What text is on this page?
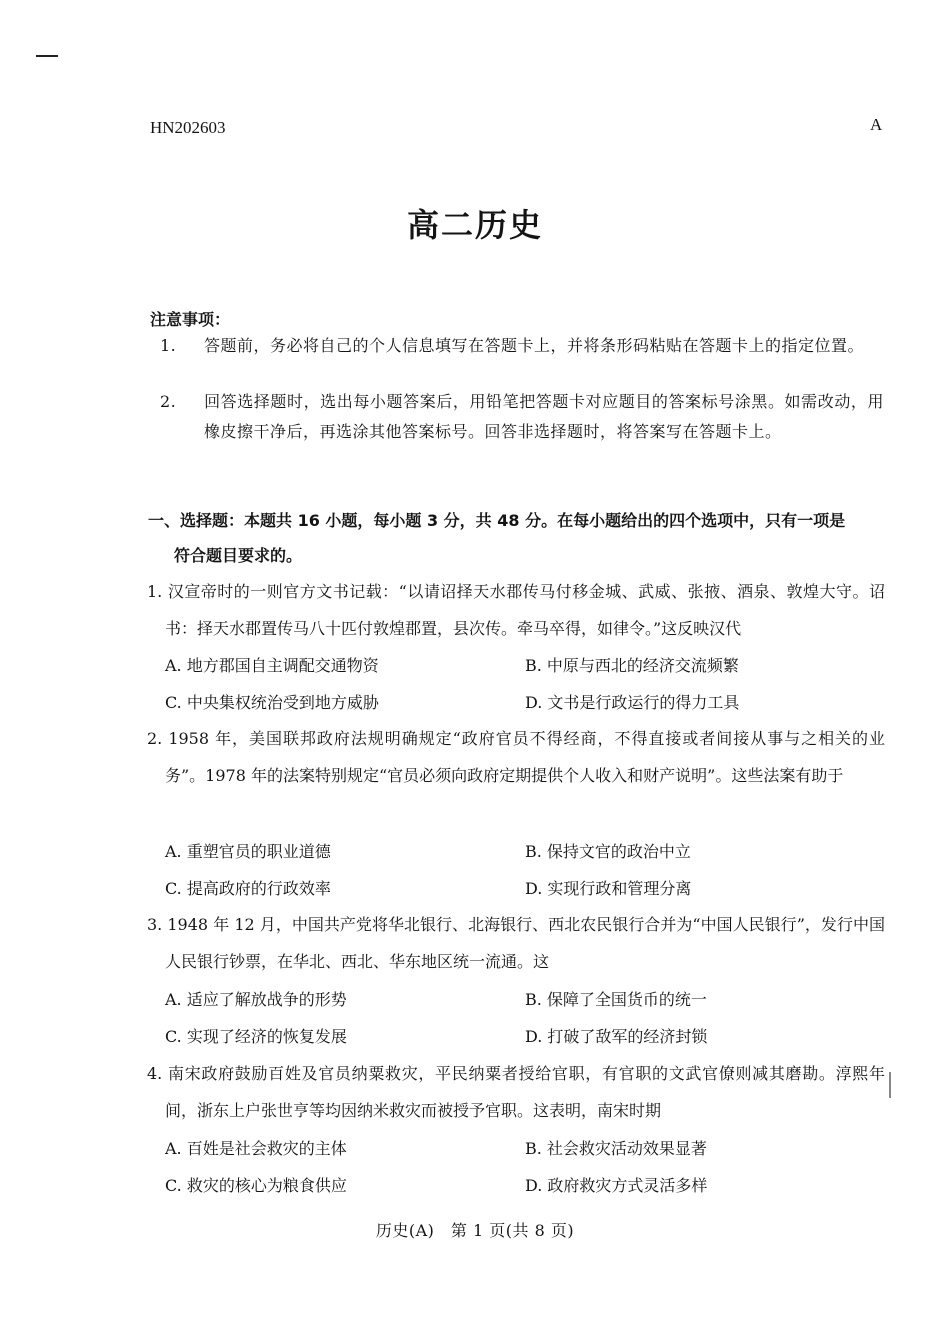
HN202603	A
高二历史
注意事项：
1. 答题前，务必将自己的个人信息填写在答题卡上，并将条形码粘贴在答题卡上的指定位置。
2. 回答选择题时，选出每小题答案后，用铅笔把答题卡对应题目的答案标号涂黑。如需改动，用橡皮擦干净后，再选涂其他答案标号。回答非选择题时，将答案写在答题卡上。
一、选择题：本题共 16 小题，每小题 3 分，共 48 分。在每小题给出的四个选项中，只有一项是
符合题目要求的。
1. 汉宣帝时的一则官方文书记载：“以请诏择天水郡传马付移金城、武威、张掖、酒泉、敦煌大守。诏书：择天水郡置传马八十匹付敦煌郡置，县次传。牵马卒得，如律令。”这反映汉代
A. 地方郡国自主调配交通物资	B. 中原与西北的经济交流频繁
C. 中央集权统治受到地方威胁	D. 文书是行政运行的得力工具
2. 1958 年，美国联邦政府法规明确规定“政府官员不得经商，不得直接或者间接从事与之相关的业务”。1978 年的法案特别规定“官员必须向政府定期提供个人收入和财产说明”。这些法案有助于
A. 重塑官员的职业道德	B. 保持文官的政治中立
C. 提高政府的行政效率	D. 实现行政和管理分离
3. 1948 年 12 月，中国共产党将华北银行、北海银行、西北农民银行合并为“中国人民银行”，发行中国人民银行钞票，在华北、西北、华东地区统一流通。这
A. 适应了解放战争的形势	B. 保障了全国货币的统一
C. 实现了经济的恢复发展	D. 打破了敌军的经济封锁
4. 南宋政府鼓励百姓及官员纳粟救灾，平民纳粟者授给官职，有官职的文武官僚则减其磨勘。淳熙年间，浙东上户张世亨等均因纳米救灾而被授予官职。这表明，南宋时期
A. 百姓是社会救灾的主体	B. 社会救灾活动效果显著
C. 救灾的核心为粮食供应	D. 政府救灾方式灵活多样
历史(A)　第 1 页(共 8 页)
